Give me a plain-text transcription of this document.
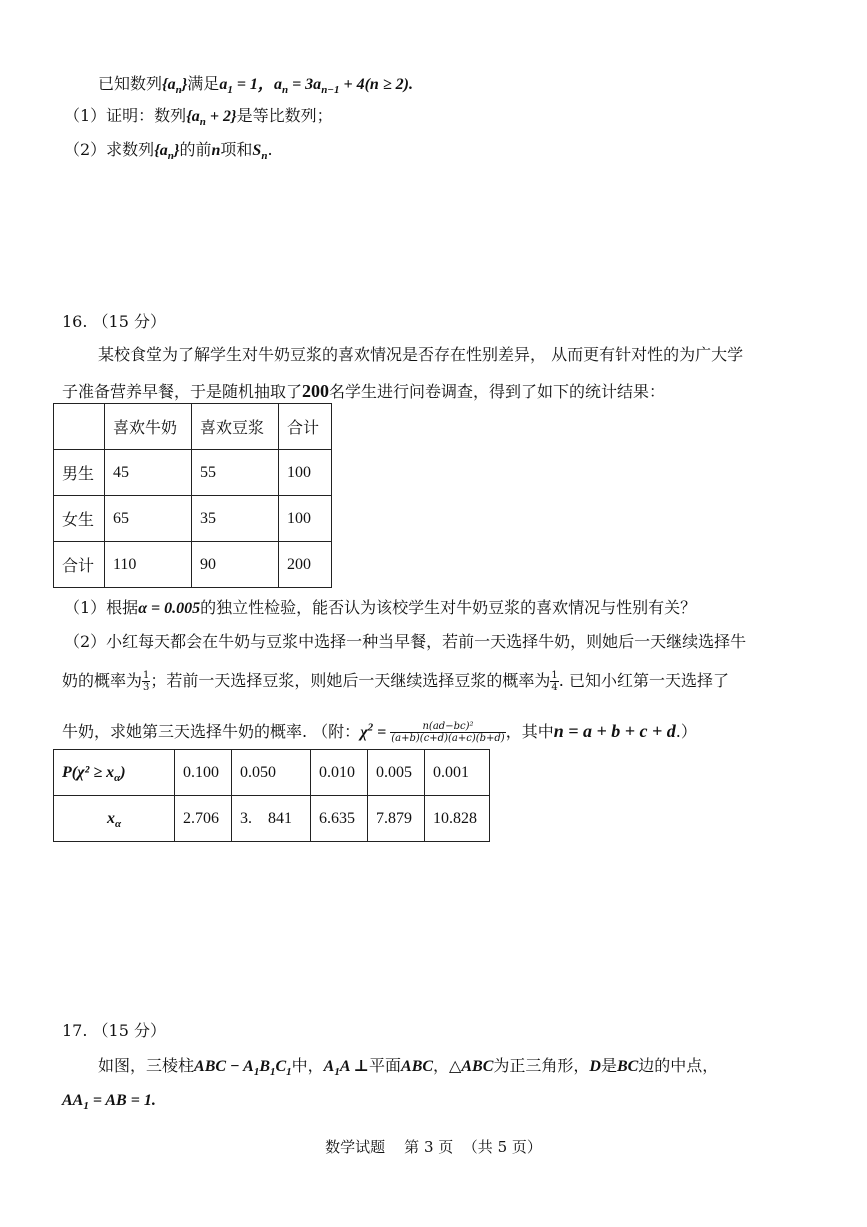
已知数列$\{a_n\}$满足$a_1 = 1$，$a_n = 3a_{n-1} + 4(n \ge 2)$.
（1）证明：数列$\{a_n + 2\}$是等比数列；
（2）求数列$\{a_n\}$的前n项和$S_n$.
16. （15 分）
某校食堂为了解学生对牛奶豆浆的喜欢情况是否存在性别差异， 从而更有针对性的为广大学
子准备营养早餐，于是随机抽取了200名学生进行问卷调查，得到了如下的统计结果：
	喜欢牛奶	喜欢豆浆	合计
男生	45	55	100
女生	65	35	100
合计	110	90	200
（1）根据α = 0.005的独立性检验，能否认为该校学生对牛奶豆浆的喜欢情况与性别有关？
（2）小红每天都会在牛奶与豆浆中选择一种当早餐，若前一天选择牛奶，则她后一天继续选择牛
奶的概率为 $\frac{1}{3}$ ；若前一天选择豆浆，则她后一天继续选择豆浆的概率为 $\frac{1}{4}$ . 已知小红第一天选择了
牛奶，求她第三天选择牛奶的概率. （附：$\chi^2 = \frac{\text{n(ad−bc)²}}{(a+b)(c+d)(a+c)(b+d)}$ ，其中n = a + b + c + d.）
$P(\chi^2 \ge x_\alpha)$	0.100	0.050	0.010	0.005	0.001
$x_\alpha$	2.706	3.    841	6.635	7.879	10.828
17. （15 分）
如图，三棱柱ABC − $A_1B_1C_1$中，$A_1A$ ⊥平面ABC，△ABC为正三角形，D是BC边的中点，
$AA_1$ = AB = 1.
数学试题    第 3 页  （共 5 页）
